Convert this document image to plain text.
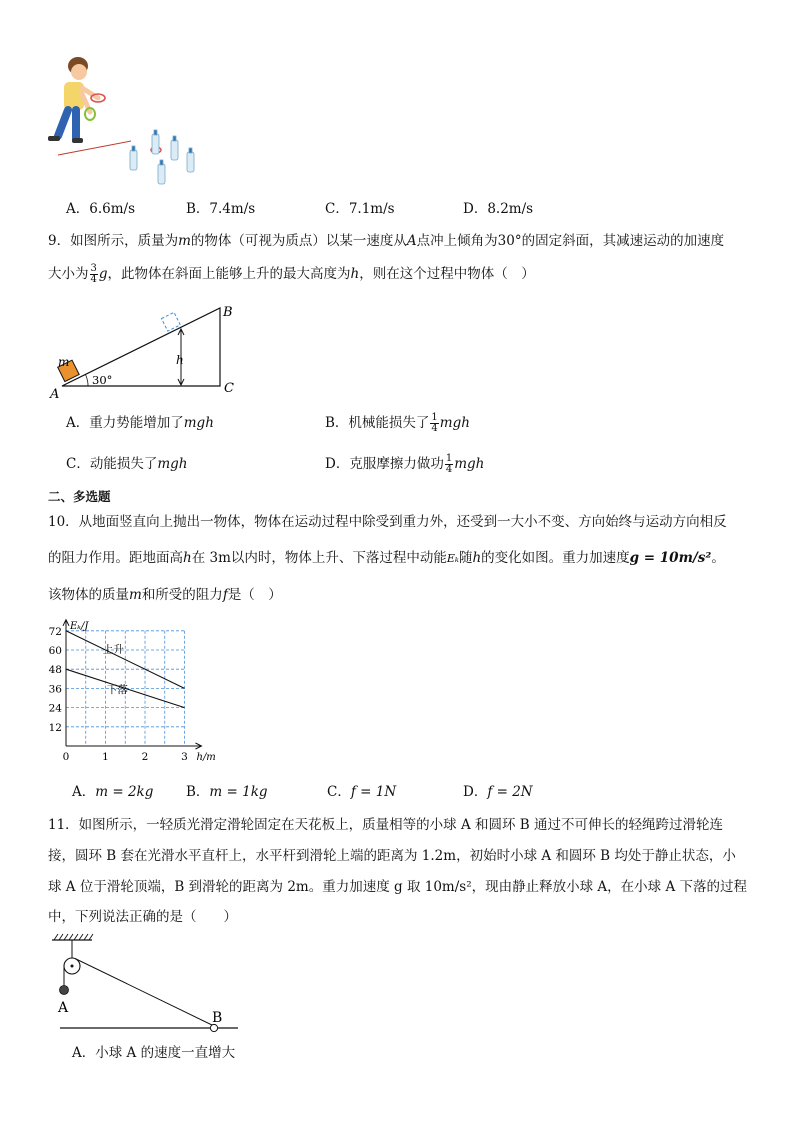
A．6.6m/s	B．7.4m/s	C．7.1m/s	D．8.2m/s
9．如图所示，质量为m的物体（可视为质点）以某一速度从A点冲上倾角为30°的固定斜面，其减速运动的加速度
大小为 $\frac{3}{4}$ g，此物体在斜面上能够上升的最大高度为h，则在这个过程中物体（　）
m
A
B
C
h
30°
A．重力势能增加了mgh	B．机械能损失了 $\frac{1}{4}$ mgh
C．动能损失了mgh	D．克服摩擦力做功 $\frac{1}{4}$ mgh
二、多选题
10．从地面竖直向上抛出一物体，物体在运动过程中除受到重力外，还受到一大小不变、方向始终与运动方向相反
的阻力作用。距地面高h在 3m以内时，物体上升、下落过程中动能Eₖ随h的变化如图。重力加速度g = 10m/s²。
该物体的质量m和所受的阻力f是（　）
12
24
36
48
60
72
0	1	2	3 h/m
Eₖ/J
上升
下落
A．m = 2kg B．m = 1kg	C．f = 1N	D．f = 2N
11．如图所示，一轻质光滑定滑轮固定在天花板上，质量相等的小球 A 和圆环 B 通过不可伸长的轻绳跨过滑轮连
接，圆环 B 套在光滑水平直杆上，水平杆到滑轮上端的距离为 1.2m，初始时小球 A 和圆环 B 均处于静止状态，小
球 A 位于滑轮顶端，B 到滑轮的距离为 2m。重力加速度 g 取 10m/s²，现由静止释放小球 A，在小球 A 下落的过程
中，下列说法正确的是（　　）
A
B
A．小球 A 的速度一直增大
